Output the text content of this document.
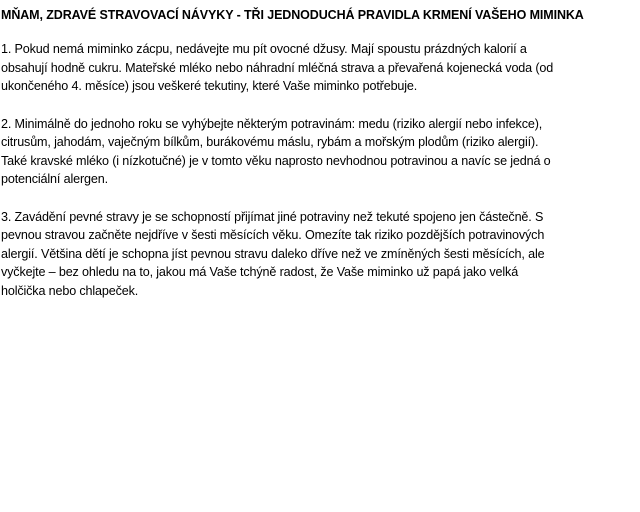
MŇAM, ZDRAVÉ STRAVOVACÍ NÁVYKY - TŘI JEDNODUCHÁ PRAVIDLA KRMENÍ VAŠEHO MIMINKA
1. Pokud nemá miminko zácpu, nedávejte mu pít ovocné džusy. Mají spoustu prázdných kalorií a
obsahují hodně cukru. Mateřské mléko nebo náhradní mléčná strava a převařená kojenecká voda (od
ukončeného 4. měsíce) jsou veškeré tekutiny, které Vaše miminko potřebuje.
2. Minimálně do jednoho roku se vyhýbejte některým potravinám: medu (riziko alergií nebo infekce),
citrusům, jahodám, vaječným bílkům, burákovému máslu, rybám a mořským plodům (riziko alergií).
Také kravské mléko (i nízkotučné) je v tomto věku naprosto nevhodnou potravinou a navíc se jedná o
potenciální alergen.
3. Zavádění pevné stravy je se schopností přijímat jiné potraviny než tekuté spojeno jen částečně. S
pevnou stravou začněte nejdříve v šesti měsících věku. Omezíte tak riziko pozdějších potravinových
alergií. Většina dětí je schopna jíst pevnou stravu daleko dříve než ve zmíněných šesti měsících, ale
vyčkejte – bez ohledu na to, jakou má Vaše tchýně radost, že Vaše miminko už papá jako velká
holčička nebo chlapeček.
